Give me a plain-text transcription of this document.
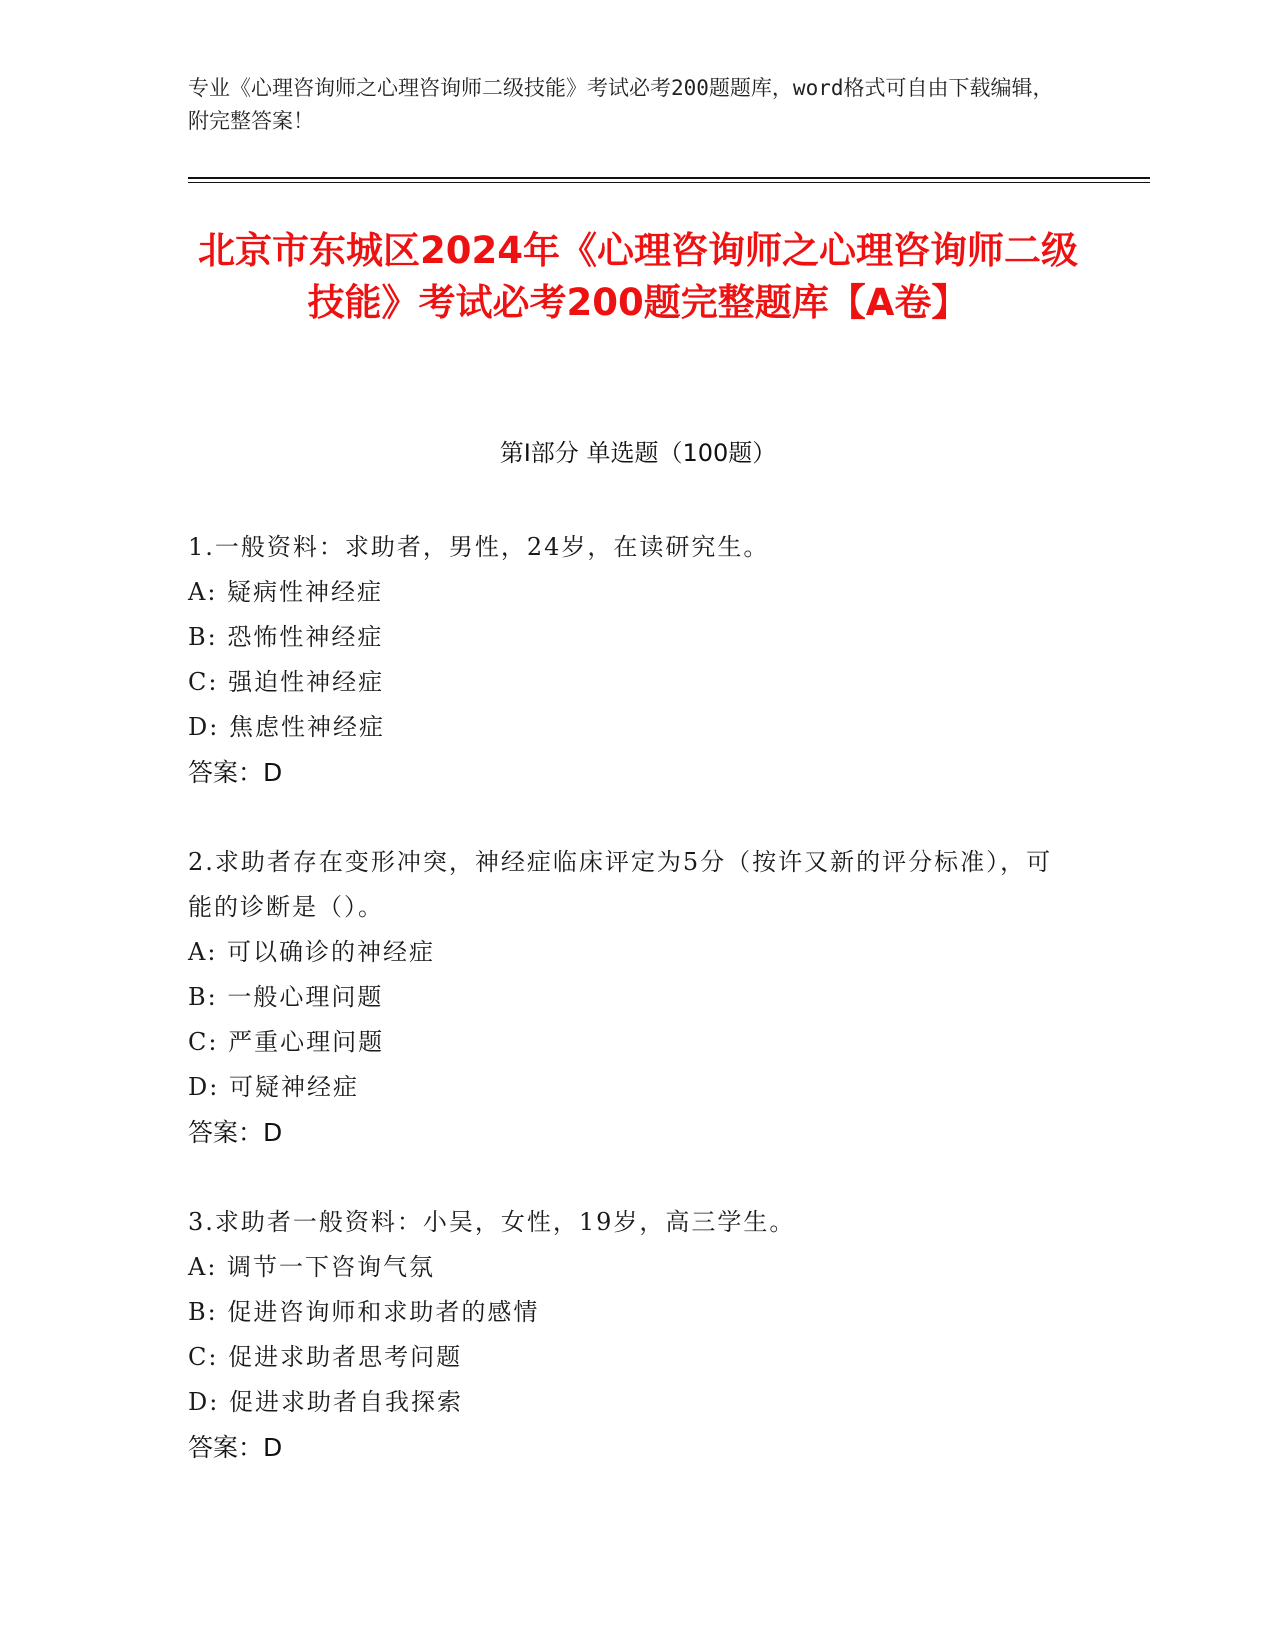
专业《心理咨询师之心理咨询师二级技能》考试必考200题题库，word格式可自由下载编辑，附完整答案！
北京市东城区2024年《心理咨询师之心理咨询师二级技能》考试必考200题完整题库【A卷】
第I部分 单选题（100题）
1.一般资料：求助者，男性，24岁，在读研究生。
A: 疑病性神经症
B: 恐怖性神经症
C: 强迫性神经症
D: 焦虑性神经症
答案：D
2.求助者存在变形冲突，神经症临床评定为5分（按许又新的评分标准），可能的诊断是（）。
A: 可以确诊的神经症
B: 一般心理问题
C: 严重心理问题
D: 可疑神经症
答案：D
3.求助者一般资料：小吴，女性，19岁，高三学生。
A: 调节一下咨询气氛
B: 促进咨询师和求助者的感情
C: 促进求助者思考问题
D: 促进求助者自我探索
答案：D
